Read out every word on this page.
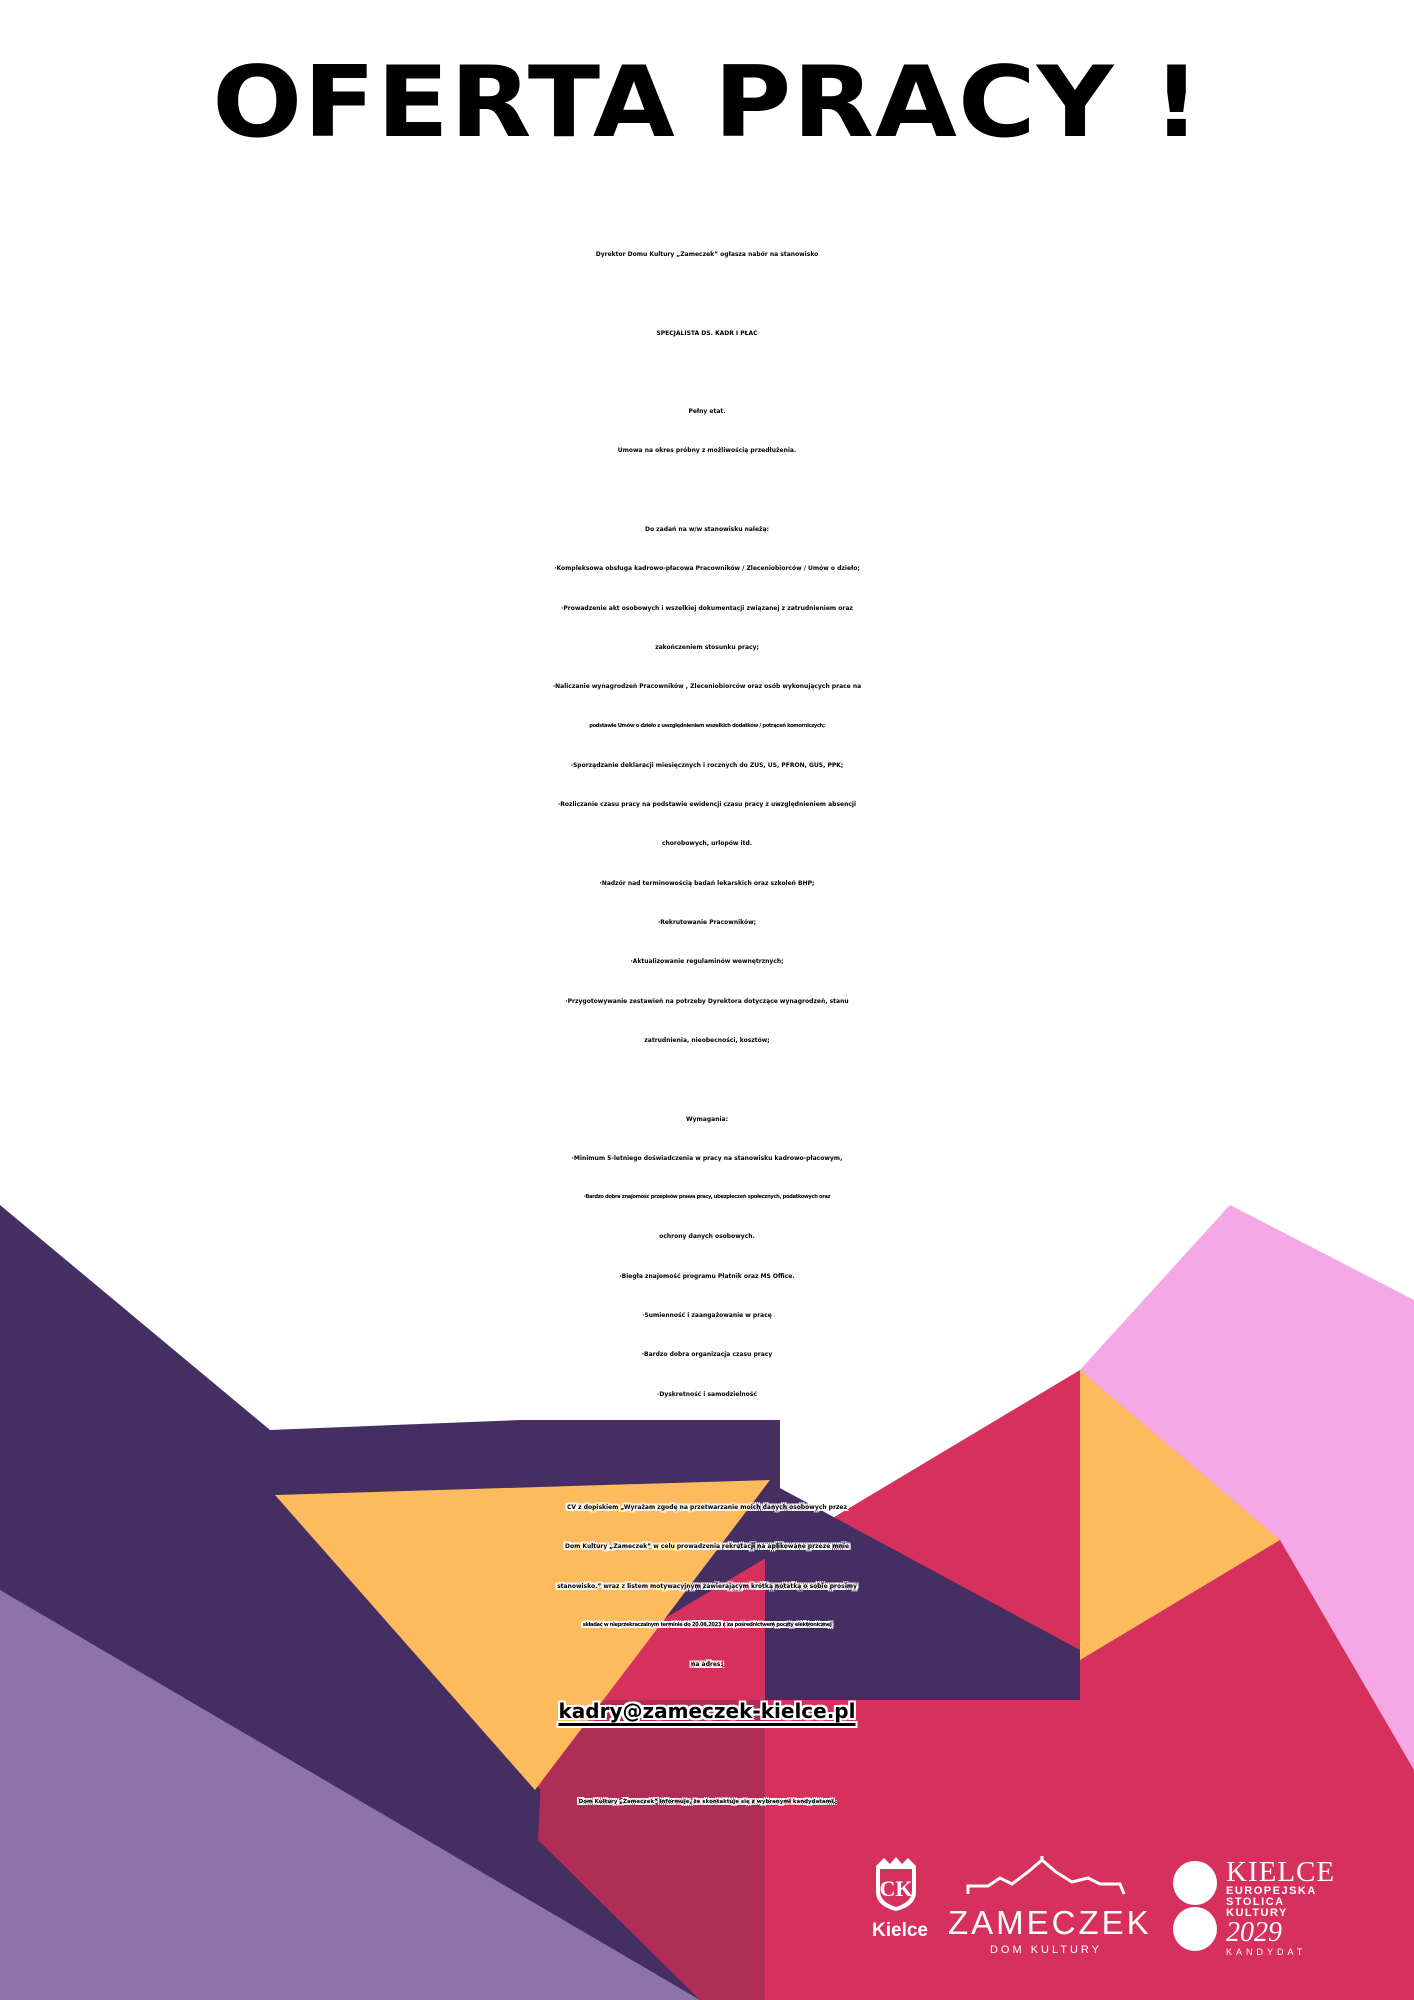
OFERTA PRACY !
Dyrektor Domu Kultury „Zameczek” ogłasza nabór na stanowisko
SPECJALISTA DS. KADR I PŁAC
Pełny etat.
Umowa na okres próbny z możliwością przedłużenia.
Do zadań na w/w stanowisku należą:
·Kompleksowa obsługa kadrowo-płacowa Pracowników / Zleceniobiorców / Umów o dzieło;
·Prowadzenie akt osobowych i wszelkiej dokumentacji związanej z zatrudnieniem oraz
zakończeniem stosunku pracy;
·Naliczanie wynagrodzeń Pracowników , Zleceniobiorców oraz osób wykonujących prace na
podstawie Umów o dzieło z uwzględnieniem wszelkich dodatków / potrąceń komorniczych;
·Sporządzanie deklaracji miesięcznych i rocznych do ZUS, US, PFRON, GUS, PPK;
·Rozliczanie czasu pracy na podstawie ewidencji czasu pracy z uwzględnieniem absencji
chorobowych, urlopów itd.
·Nadzór nad terminowością badań lekarskich oraz szkoleń BHP;
·Rekrutowanie Pracowników;
·Aktualizowanie regulaminów wewnętrznych;
·Przygotowywanie zestawień na potrzeby Dyrektora dotyczące wynagrodzeń, stanu
zatrudnienia, nieobecności, kosztów;
Wymagania:
·Minimum 5-letniego doświadczenia w pracy na stanowisku kadrowo-płacowym,
·Bardzo dobra znajomość przepisów prawa pracy, ubezpieczeń społecznych, podatkowych oraz
ochrony danych osobowych.
·Biegła znajomość programu Płatnik oraz MS Office.
·Sumienność i zaangażowanie w pracę
·Bardzo dobra organizacja czasu pracy
·Dyskretność i samodzielność
CV z dopiskiem „Wyrażam zgodę na przetwarzanie moich danych osobowych przez
Dom Kultury „Zameczek” w celu prowadzenia rekrutacji na aplikowane przeze mnie
stanowisko.” wraz z listem motywacyjnym zawierającym krótką notatką o sobie prosimy
składać w nieprzekraczalnym terminie do 20.08.2023 r. za pośrednictwem poczty elektronicznej
na adres:
kadry@zameczek-kielce.pl
Dom Kultury „Zameczek” informuje, że skontaktuje się z wybranymi kandydatami.
CK
Kielce ZAMECZEK
DOM KULTURY
KIELCE
EUROPEJSKA
STOLICA
KULTURY
2029
KANDYDAT
